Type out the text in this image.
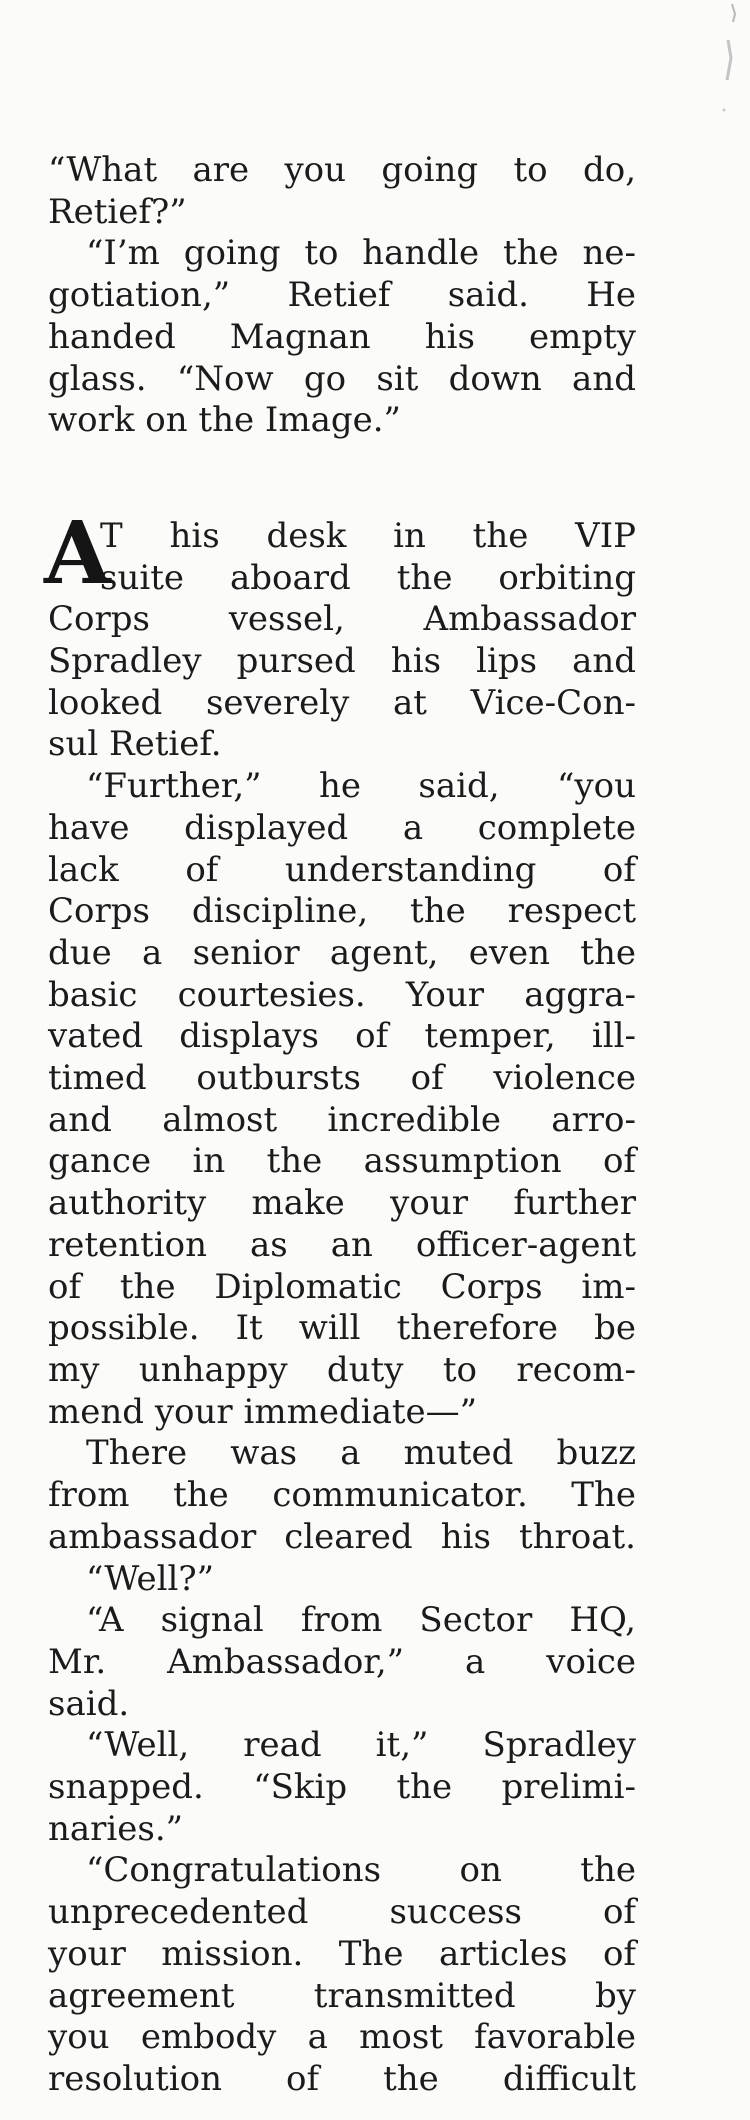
“What are you going to do,
Retief?”
“I’m going to handle the ne-
gotiation,” Retief said. He
handed Magnan his empty
glass. “Now go sit down and
work on the Image.”
A
T his desk in the VIP
suite aboard the orbiting
Corps vessel, Ambassador
Spradley pursed his lips and
looked severely at Vice-Con-
sul Retief.
“Further,” he said, “you
have displayed a complete
lack of understanding of
Corps discipline, the respect
due a senior agent, even the
basic courtesies. Your aggra-
vated displays of temper, ill-
timed outbursts of violence
and almost incredible arro-
gance in the assumption of
authority make your further
retention as an officer-agent
of the Diplomatic Corps im-
possible. It will therefore be
my unhappy duty to recom-
mend your immediate—”
There was a muted buzz
from the communicator. The
ambassador cleared his throat.
“Well?”
“A signal from Sector HQ,
Mr. Ambassador,” a voice
said.
“Well, read it,” Spradley
snapped. “Skip the prelimi-
naries.”
“Congratulations on the
unprecedented success of
your mission. The articles of
agreement transmitted by
you embody a most favorable
resolution of the difficult
